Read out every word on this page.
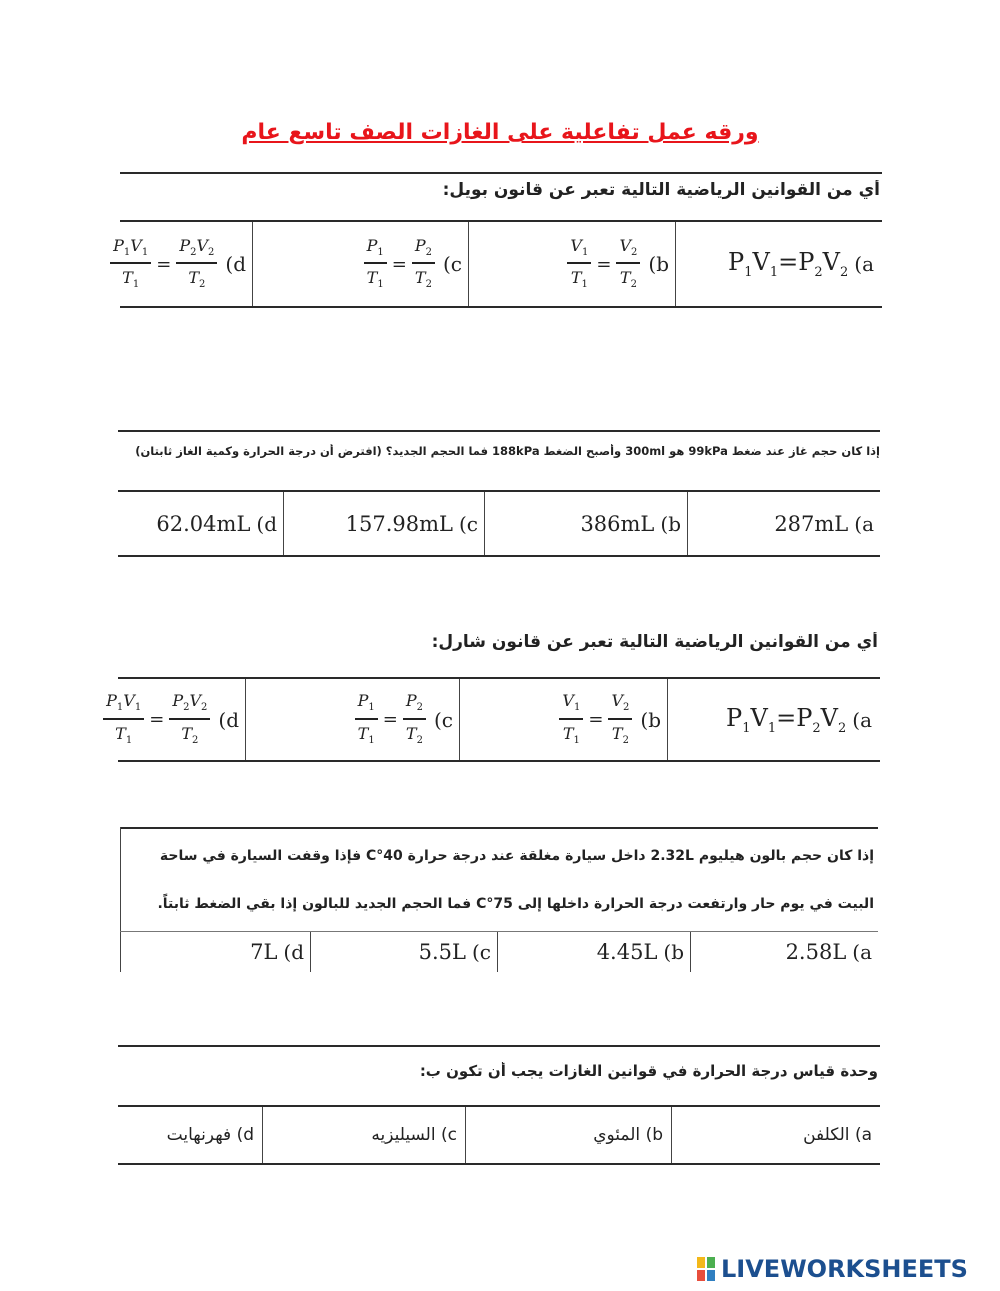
ورقه عمل تفاعلية على الغازات الصف تاسع عام
أي من القوانين الرياضية التالية تعبر عن قانون بويل:
$P_1V_1=P_2V_2$ (a
$\frac{V_1}{T_1} = \frac{V_2}{T_2} (b$
$\frac{P_1}{T_1} = \frac{P_2}{T_2} (c$
$\frac{P_1V_1}{T_1} = \frac{P_2V_2}{T_2} (d$
إذا كان حجم غاز عند ضغط 99kPa هو 300ml وأصبح الضغط 188kPa فما الحجم الجديد؟ (افترض أن درجة الحرارة وكمية الغاز ثابتان)
287mL (a
386mL (b
157.98mL (c
62.04mL (d
أي من القوانين الرياضية التالية تعبر عن قانون شارل:
$P_1V_1=P_2V_2$ (a
$\frac{V_1}{T_1} = \frac{V_2}{T_2} (b$
$\frac{P_1}{T_1} = \frac{P_2}{T_2} (c$
$\frac{P_1V_1}{T_1} = \frac{P_2V_2}{T_2} (d$
إذا كان حجم بالون هيليوم 2.32L داخل سيارة مغلقة عند درجة حرارة 40°C فإذا وقفت السيارة في ساحة البيت في يوم حار وارتفعت درجة الحرارة داخلها إلى 75°C فما الحجم الجديد للبالون إذا بقي الضغط ثابتاً.
2.58L (a
4.45L (b
5.5L (c
7L (d
وحدة قياس درجة الحرارة في قوانين الغازات يجب أن تكون ب:
a)

الكلفن
b)

المئوي
c)

السيليزيه
d)

فهرنهايت
LIVEWORKSHEETS
